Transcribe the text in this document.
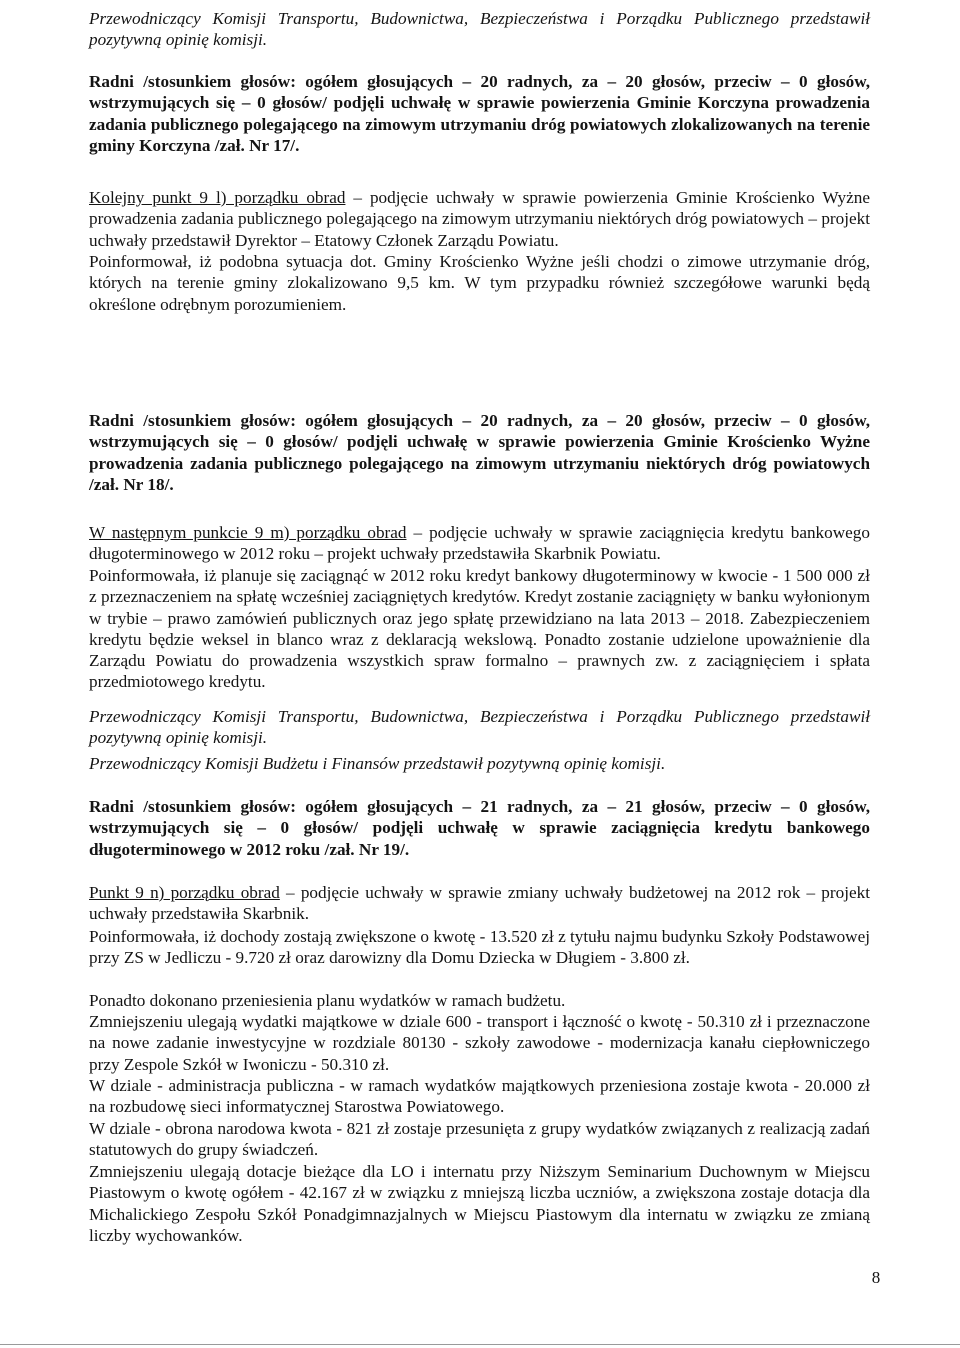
Przewodniczący Komisji Transportu, Budownictwa, Bezpieczeństwa i Porządku Publicznego przedstawił pozytywną opinię komisji.

Radni /stosunkiem głosów: ogółem głosujących – 20 radnych, za – 20 głosów, przeciw – 0 głosów, wstrzymujących się – 0 głosów/ podjęli uchwałę w sprawie powierzenia Gminie Korczyna prowadzenia zadania publicznego polegającego na zimowym utrzymaniu dróg powiatowych zlokalizowanych na terenie gminy Korczyna /zał. Nr 17/.

Kolejny punkt 9 l) porządku obrad – podjęcie uchwały w sprawie powierzenia Gminie Krościenko Wyżne prowadzenia zadania publicznego polegającego na zimowym utrzymaniu niektórych dróg powiatowych – projekt uchwały przedstawił Dyrektor – Etatowy Członek Zarządu Powiatu.

Poinformował, iż podobna sytuacja dot. Gminy Krościenko Wyżne jeśli chodzi o zimowe utrzymanie dróg, których na terenie gminy zlokalizowano 9,5 km. W tym przypadku również szczegółowe warunki będą określone odrębnym porozumieniem.

Przewodniczący Komisji Transportu, Budownictwa, Bezpieczeństwa i Porządku Publicznego przedstawił pozytywną opinię komisji.

Radni /stosunkiem głosów: ogółem głosujących – 20 radnych, za – 20 głosów, przeciw – 0 głosów, wstrzymujących się – 0 głosów/ podjęli uchwałę w sprawie powierzenia Gminie Krościenko Wyżne prowadzenia zadania publicznego polegającego na zimowym utrzymaniu niektórych dróg powiatowych /zał. Nr 18/.

W następnym punkcie 9 m) porządku obrad – podjęcie uchwały w sprawie zaciągnięcia kredytu bankowego długoterminowego w 2012 roku – projekt uchwały przedstawiła Skarbnik Powiatu.

Poinformowała, iż planuje się zaciągnąć w 2012 roku kredyt bankowy długoterminowy w kwocie - 1 500 000 zł z przeznaczeniem na spłatę wcześniej zaciągniętych kredytów. Kredyt zostanie zaciągnięty w banku wyłonionym w trybie – prawo zamówień publicznych oraz jego spłatę przewidziano na lata 2013 – 2018. Zabezpieczeniem kredytu będzie weksel in blanco wraz z deklaracją wekslową. Ponadto zostanie udzielone upoważnienie dla Zarządu Powiatu do prowadzenia wszystkich spraw formalno – prawnych zw. z zaciągnięciem i spłata przedmiotowego kredytu.

Przewodniczący Komisji Budżetu i Finansów przedstawił pozytywną opinię komisji.

Radni /stosunkiem głosów: ogółem głosujących – 21 radnych, za – 21 głosów, przeciw – 0 głosów, wstrzymujących się – 0 głosów/ podjęli uchwałę w sprawie zaciągnięcia kredytu bankowego długoterminowego w 2012 roku /zał. Nr 19/.

Punkt 9 n) porządku obrad – podjęcie uchwały w sprawie zmiany uchwały budżetowej na 2012 rok – projekt uchwały przedstawiła Skarbnik.

Poinformowała, iż dochody zostają zwiększone o kwotę - 13.520 zł z tytułu najmu budynku Szkoły Podstawowej przy ZS w Jedliczu - 9.720 zł oraz darowizny dla Domu Dziecka w Długiem - 3.800 zł.

Ponadto dokonano przeniesienia planu wydatków w ramach budżetu.

Zmniejszeniu ulegają wydatki majątkowe w dziale 600 - transport i łączność o kwotę - 50.310 zł i przeznaczone na nowe zadanie inwestycyjne w rozdziale 80130 - szkoły zawodowe - modernizacja kanału ciepłowniczego przy Zespole Szkół w Iwoniczu - 50.310 zł.

W dziale - administracja publiczna - w ramach wydatków majątkowych przeniesiona zostaje kwota - 20.000 zł na rozbudowę sieci informatycznej Starostwa Powiatowego.

W dziale - obrona narodowa kwota - 821 zł zostaje przesunięta z grupy wydatków związanych z realizacją zadań statutowych do grupy świadczeń.

Zmniejszeniu ulegają dotacje bieżące dla LO i internatu przy Niższym Seminarium Duchownym w Miejscu Piastowym o kwotę ogółem - 42.167 zł w związku z mniejszą liczba uczniów, a zwiększona zostaje dotacja dla Michalickiego Zespołu Szkół Ponadgimnazjalnych w Miejscu Piastowym dla internatu w związku ze zmianą liczby wychowanków.

8
